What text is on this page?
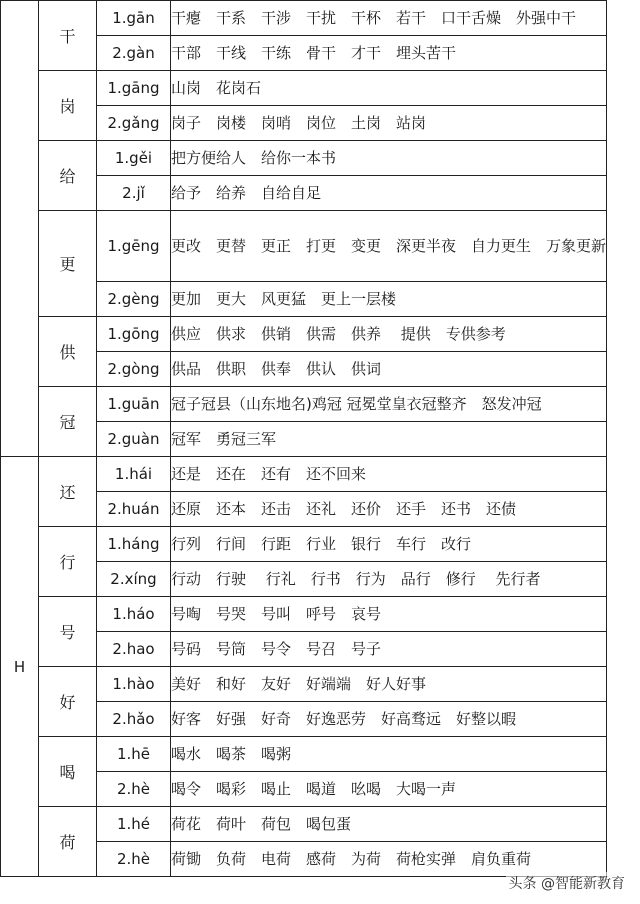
	干	1.gān	干瘪　干系　干涉　干扰　干杯　若干　口干舌燥　外强中干
		2.gàn	干部　干线　干练　骨干　才干　埋头苦干
	岗	1.gāng	山岗　花岗石
		2.gǎng	岗子　岗楼　岗哨　岗位　土岗　站岗
	给	1.gěi	把方便给人　给你一本书
		2.jǐ	给予　给养　自给自足
	更	1.gēng	更改　更替　更正　打更　变更　深更半夜　自力更生　万象更新
		2.gèng	更加　更大　风更猛　更上一层楼
	供	1.gōng	供应　供求　供销　供需　供养　 提供　专供参考
		2.gòng	供品　供职　供奉　供认　供词
	冠	1.guān	冠子冠县（山东地名)鸡冠 冠冕堂皇衣冠整齐　怒发冲冠
		2.guàn	冠军　勇冠三军
H	还	1.hái	还是　还在　还有　还不回来
		2.huán	还原　还本　还击　还礼　还价　还手　还书　还债
	行	1.háng	行列　行间　行距　行业　银行　车行　改行
		2.xíng	行动　行驶　 行礼　行书　行为　品行　修行　 先行者
	号	1.háo	号啕　号哭　号叫　呼号　哀号
		2.hao	号码　号筒　号令　号召　号子
	好	1.hào	美好　和好　友好　好端端　好人好事
		2.hǎo	好客　好强　好奇　好逸恶劳　好高骛远　好整以暇
	喝	1.hē	喝水　喝茶　喝粥
		2.hè	喝令　喝彩　喝止　喝道　吆喝　大喝一声
	荷	1.hé	荷花　荷叶　荷包　喝包蛋
		2.hè	荷锄　负荷　电荷　感荷　为荷　荷枪实弹　肩负重荷
头条 @智能新教育
